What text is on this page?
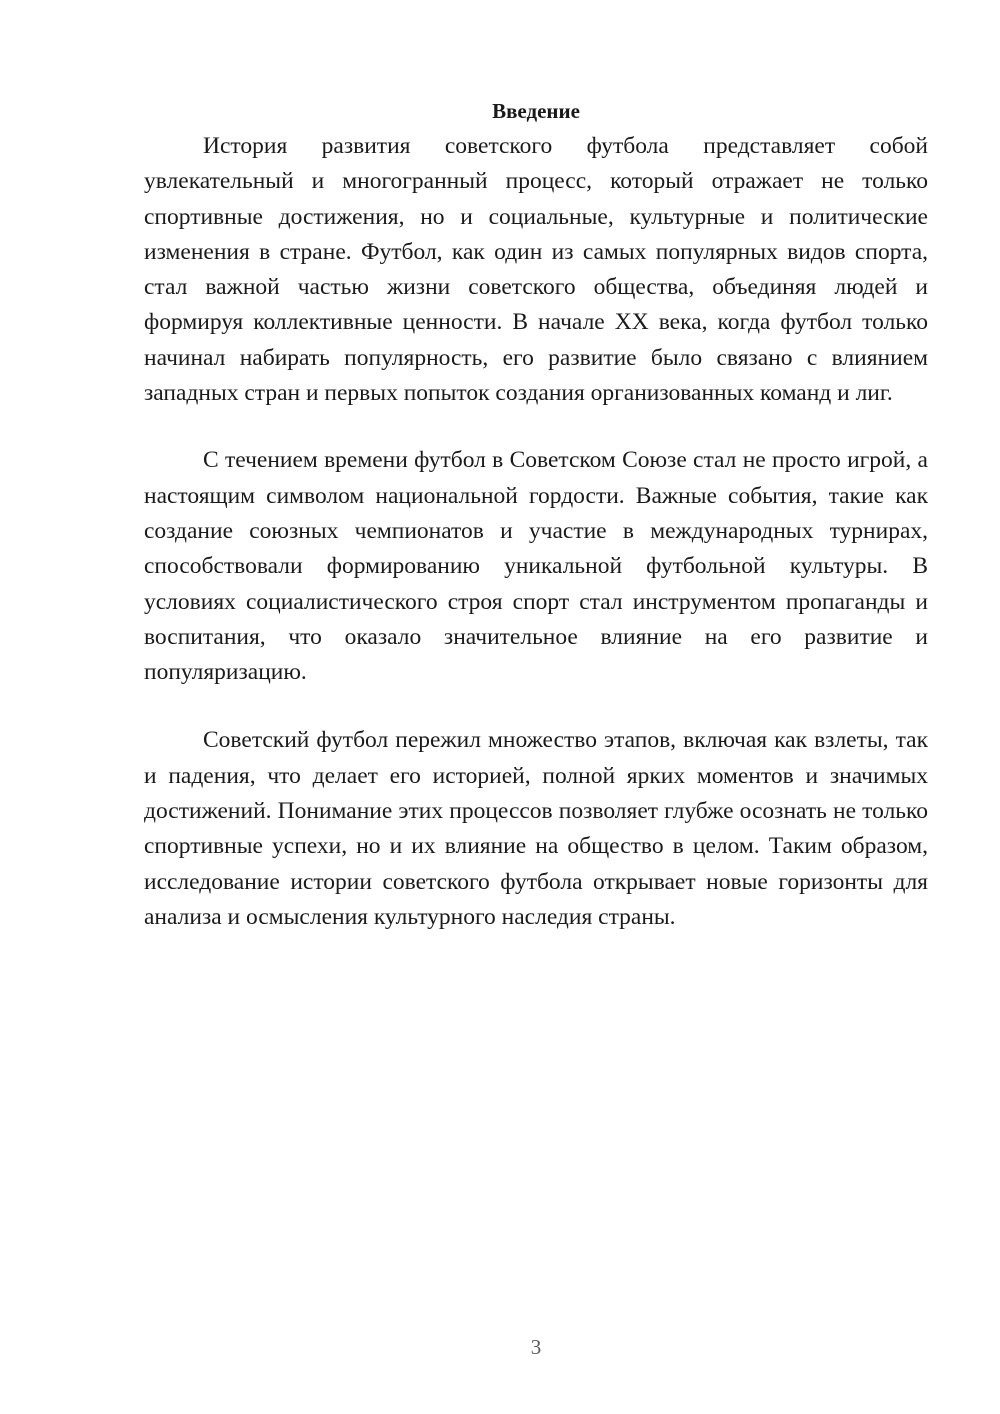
Введение

История развития советского футбола представляет собой увлекательный и многогранный процесс, который отражает не только спортивные достижения, но и социальные, культурные и политические изменения в стране. Футбол, как один из самых популярных видов спорта, стал важной частью жизни советского общества, объединяя людей и формируя коллективные ценности. В начале XX века, когда футбол только начинал набирать популярность, его развитие было связано с влиянием западных стран и первых попыток создания организованных команд и лиг.

С течением времени футбол в Советском Союзе стал не просто игрой, а настоящим символом национальной гордости. Важные события, такие как создание союзных чемпионатов и участие в международных турнирах, способствовали формированию уникальной футбольной культуры. В условиях социалистического строя спорт стал инструментом пропаганды и воспитания, что оказало значительное влияние на его развитие и популяризацию.

Советский футбол пережил множество этапов, включая как взлеты, так и падения, что делает его историей, полной ярких моментов и значимых достижений. Понимание этих процессов позволяет глубже осознать не только спортивные успехи, но и их влияние на общество в целом. Таким образом, исследование истории советского футбола открывает новые горизонты для анализа и осмысления культурного наследия страны.

3
